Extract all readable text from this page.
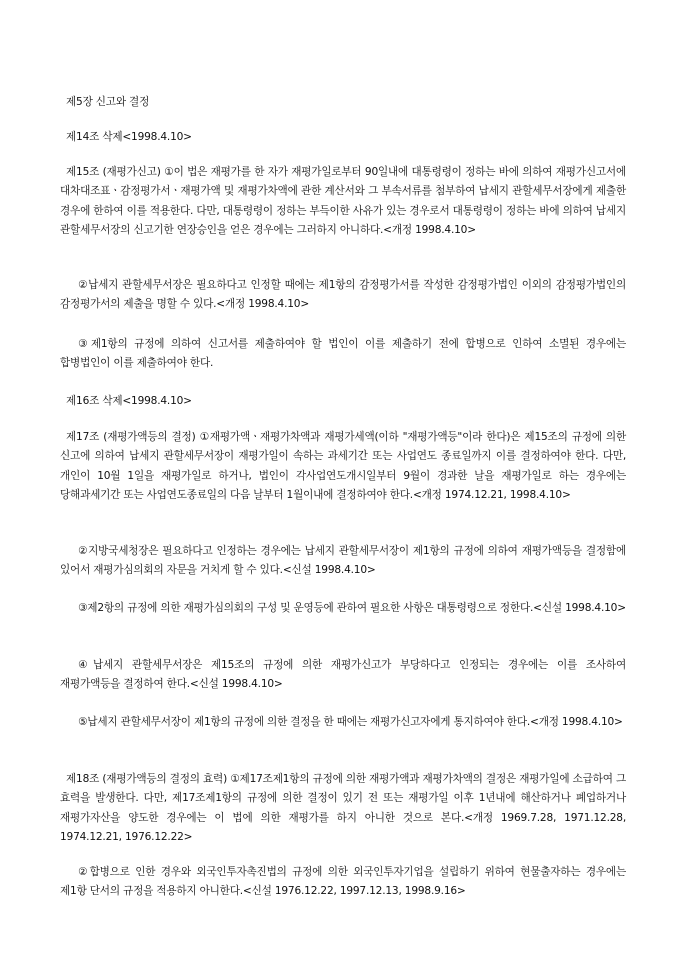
제5장 신고와 결정

제14조 삭제<1998.4.10>

제15조 (재평가신고) ①이 법은 재평가를 한 자가 재평가일로부터 90일내에 대통령령이 정하는 바에 의하여 재평가신고서에 대차대조표ㆍ감정평가서ㆍ재평가액 및 재평가차액에 관한 계산서와 그 부속서류를 첨부하여 납세지 관할세무서장에게 제출한 경우에 한하여 이를 적용한다. 다만, 대통령령이 정하는 부득이한 사유가 있는 경우로서 대통령령이 정하는 바에 의하여 납세지 관할세무서장의 신고기한 연장승인을 얻은 경우에는 그러하지 아니하다.<개정 1998.4.10>

②납세지 관할세무서장은 필요하다고 인정할 때에는 제1항의 감정평가서를 작성한 감정평가법인 이외의 감정평가법인의 감정평가서의 제출을 명할 수 있다.<개정 1998.4.10>

③제1항의 규정에 의하여 신고서를 제출하여야 할 법인이 이를 제출하기 전에 합병으로 인하여 소멸된 경우에는 합병법인이 이를 제출하여야 한다.

제16조 삭제<1998.4.10>

제17조 (재평가액등의 결정) ①재평가액ㆍ재평가차액과 재평가세액(이하 "재평가액등"이라 한다)은 제15조의 규정에 의한 신고에 의하여 납세지 관할세무서장이 재평가일이 속하는 과세기간 또는 사업연도 종료일까지 이를 결정하여야 한다. 다만, 개인이 10월 1일을 재평가일로 하거나, 법인이 각사업연도개시일부터 9월이 경과한 날을 재평가일로 하는 경우에는 당해과세기간 또는 사업연도종료일의 다음 날부터 1월이내에 결정하여야 한다.<개정 1974.12.21, 1998.4.10>

②지방국세청장은 필요하다고 인정하는 경우에는 납세지 관할세무서장이 제1항의 규정에 의하여 재평가액등을 결정함에 있어서 재평가심의회의 자문을 거치게 할 수 있다.<신설 1998.4.10>

③제2항의 규정에 의한 재평가심의회의 구성 및 운영등에 관하여 필요한 사항은 대통령령으로 정한다.<신설 1998.4.10>

④납세지 관할세무서장은 제15조의 규정에 의한 재평가신고가 부당하다고 인정되는 경우에는 이를 조사하여 재평가액등을 결정하여 한다.<신설 1998.4.10>

⑤납세지 관할세무서장이 제1항의 규정에 의한 결정을 한 때에는 재평가신고자에게 통지하여야 한다.<개정 1998.4.10>

제18조 (재평가액등의 결정의 효력) ①제17조제1항의 규정에 의한 재평가액과 재평가차액의 결정은 재평가일에 소급하여 그 효력을 발생한다. 다만, 제17조제1항의 규정에 의한 결정이 있기 전 또는 재평가일 이후 1년내에 해산하거나 폐업하거나 재평가자산을 양도한 경우에는 이 법에 의한 재평가를 하지 아니한 것으로 본다.<개정 1969.7.28, 1971.12.28, 1974.12.21, 1976.12.22>

②합병으로 인한 경우와 외국인투자촉진법의 규정에 의한 외국인투자기업을 설립하기 위하여 현물출자하는 경우에는 제1항 단서의 규정을 적용하지 아니한다.<신설 1976.12.22, 1997.12.13, 1998.9.16>
